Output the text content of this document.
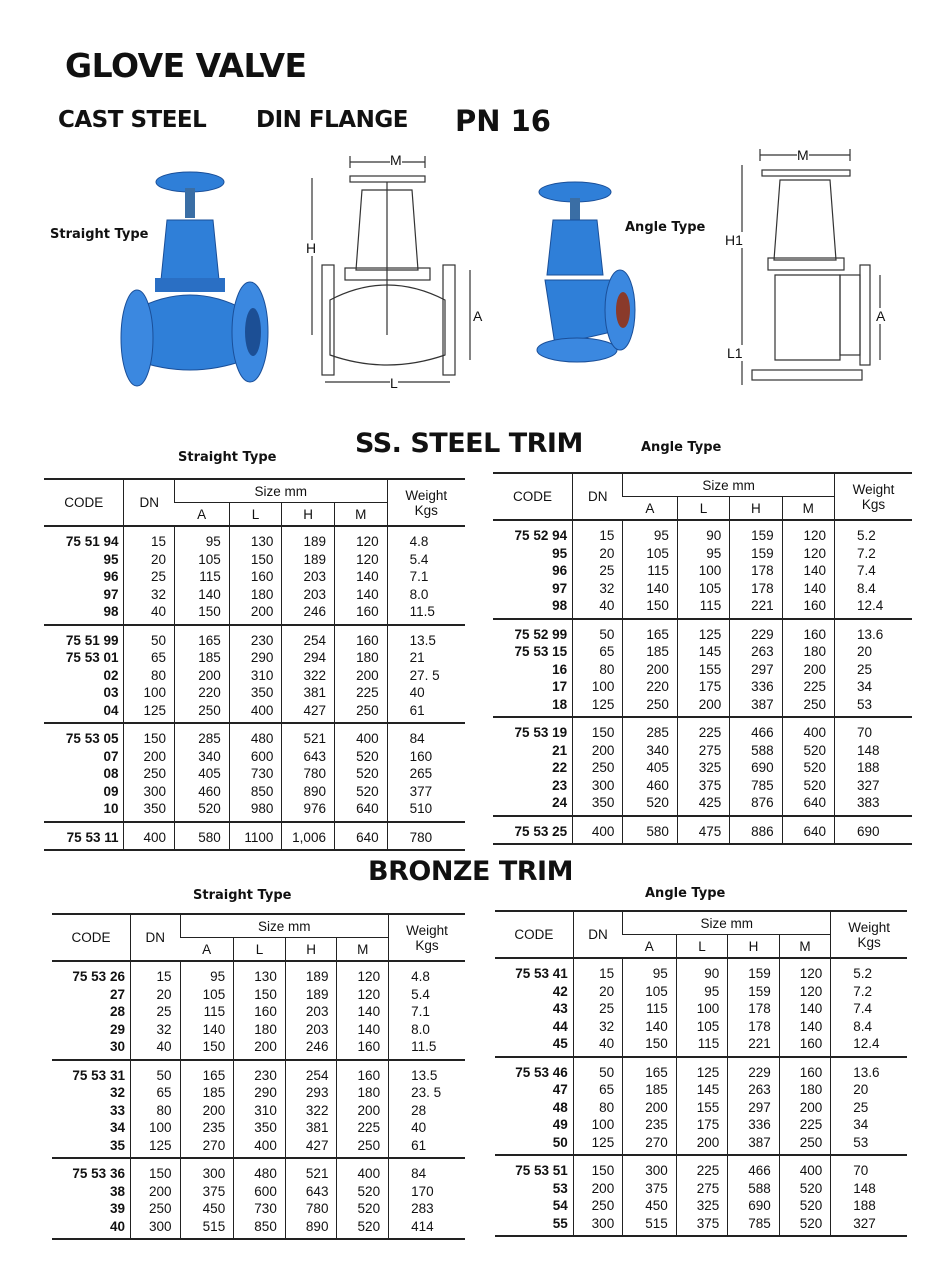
GLOVE VALVE
CAST STEEL DIN FLANGE PN 16
Straight Type
M
H
A
L
Angle Type
M
H1
A
L1
SS. STEEL TRIM
Straight Type
Angle Type
BRONZE TRIM
Straight Type	Angle Type
CODE	DN	Size mm				Weight
Kgs

		A	L	H	M	
75 51 94	15	95	130	189	120	4.8
95	20	105	150	189	120	5.4
96	25	115	160	203	140	7.1
97	32	140	180	203	140	8.0
98	40	150	200	246	160	11.5
75 51 99	50	165	230	254	160	13.5
75 53 01	65	185	290	294	180	21
02	80	200	310	322	200	27. 5
03	100	220	350	381	225	40
04	125	250	400	427	250	61
75 53 05	150	285	480	521	400	84
07	200	340	600	643	520	160
08	250	405	730	780	520	265
09	300	460	850	890	520	377
10	350	520	980	976	640	510
75 53 11	400	580	1100	1,006	640	780
CODE	DN	Size mm				Weight
Kgs

		A	L	H	M	
75 52 94	15	95	90	159	120	5.2
95	20	105	95	159	120	7.2
96	25	115	100	178	140	7.4
97	32	140	105	178	140	8.4
98	40	150	115	221	160	12.4
75 52 99	50	165	125	229	160	13.6
75 53 15	65	185	145	263	180	20
16	80	200	155	297	200	25
17	100	220	175	336	225	34
18	125	250	200	387	250	53
75 53 19	150	285	225	466	400	70
21	200	340	275	588	520	148
22	250	405	325	690	520	188
23	300	460	375	785	520	327
24	350	520	425	876	640	383
75 53 25	400	580	475	886	640	690
CODE	DN	Size mm				Weight
Kgs

		A	L	H	M	
75 53 26	15	95	130	189	120	4.8
27	20	105	150	189	120	5.4
28	25	115	160	203	140	7.1
29	32	140	180	203	140	8.0
30	40	150	200	246	160	11.5
75 53 31	50	165	230	254	160	13.5
32	65	185	290	293	180	23. 5
33	80	200	310	322	200	28
34	100	235	350	381	225	40
35	125	270	400	427	250	61
75 53 36	150	300	480	521	400	84
38	200	375	600	643	520	170
39	250	450	730	780	520	283
40	300	515	850	890	520	414
CODE	DN	Size mm				Weight
Kgs

		A	L	H	M	
75 53 41	15	95	90	159	120	5.2
42	20	105	95	159	120	7.2
43	25	115	100	178	140	7.4
44	32	140	105	178	140	8.4
45	40	150	115	221	160	12.4
75 53 46	50	165	125	229	160	13.6
47	65	185	145	263	180	20
48	80	200	155	297	200	25
49	100	235	175	336	225	34
50	125	270	200	387	250	53
75 53 51	150	300	225	466	400	70
53	200	375	275	588	520	148
54	250	450	325	690	520	188
55	300	515	375	785	520	327
